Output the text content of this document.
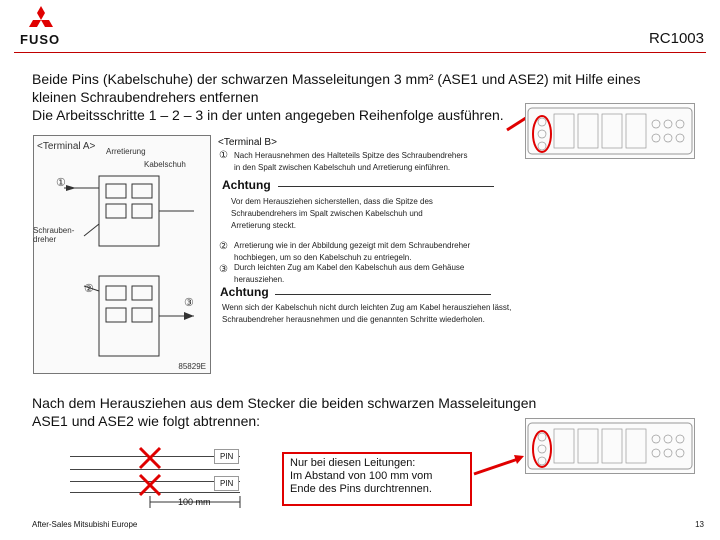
FUSO	RC1003
Beide Pins (Kabelschuhe) der schwarzen Masseleitungen 3 mm² (ASE1 und ASE2) mit Hilfe eines
kleinen Schraubendrehers entfernen
Die Arbeitsschritte 1 – 2 – 3 in der unten angegeben Reihenfolge ausführen.
<Terminal A> Arretierung
Kabelschuh
①
②
③
85829E
Schrauben-
dreher
<Terminal B>
① Nach Herausnehmen des Halteteils Spitze des Schraubendrehers
in den Spalt zwischen Kabelschuh und Arretierung einführen.
Achtung
Vor dem Herausziehen sicherstellen, dass die Spitze des
Schraubendrehers im Spalt zwischen Kabelschuh und
Arretierung steckt.
② Arretierung wie in der Abbildung gezeigt mit dem Schraubendreher
hochbiegen, um so den Kabelschuh zu entriegeln.
③ Durch leichten Zug am Kabel den Kabelschuh aus dem Gehäuse
herausziehen.
Achtung
Wenn sich der Kabelschuh nicht durch leichten Zug am Kabel herausziehen lässt,
Schraubendreher herausnehmen und die genannten Schritte wiederholen.
Nach dem Herausziehen aus dem Stecker die beiden schwarzen Masseleitungen
ASE1 und ASE2 wie folgt abtrennen:
PIN
PIN
100 mm
Nur bei diesen Leitungen:
Im Abstand von 100 mm vom
Ende des Pins durchtrennen.
After-Sales Mitsubishi Europe	13
